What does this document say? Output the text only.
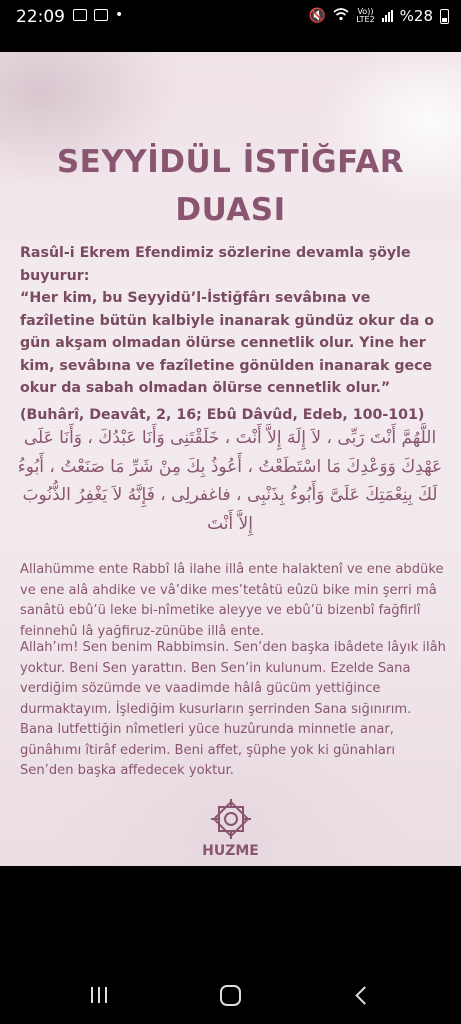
22:09	•	🔇	Vo))
LTE2 %28
SEYYİDÜL İSTİĞFAR
DUASI

Rasûl-i Ekrem Efendimiz sözlerine devamla şöyle buyurur:

“Her kim, bu Seyyidü’l-İstiğfârı sevâbına ve fazîletine bütün kalbiyle inanarak gündüz okur da o gün akşam olmadan ölürse cennetlik olur. Yine her kim, sevâbına ve fazîletine gönülden inanarak gece okur da sabah olmadan ölürse cennetlik olur.”

(Buhârî, Deavât, 2, 16; Ebû Dâvûd, Edeb, 100-101)

اللَّهُمَّ أَنْتَ رَبِّى ، لاَ إِلَهَ إِلاَّ أَنْتَ ، خَلَقْتَنِى وَأَنَا عَبْدُكَ ، وَأَنَا عَلَى عَهْدِكَ وَوَعْدِكَ مَا اسْتَطَعْتُ ، أَعُوذُ بِكَ مِنْ شَرِّ مَا صَنَعْتُ ، أَبُوءُ لَكَ بِنِعْمَتِكَ عَلَىَّ وَأَبُوءُ بِذَنْبِى ، فاغفرلِى ، فَإِنَّهُ لاَ يَغْفِرُ الذُّنُوبَ إِلاَّ أَنْتَ
Allahümme ente Rabbî lâ ilahe illâ ente halaktenî ve ene abdüke ve ene alâ ahdike ve vâ’dike mes’tetâtü eûzü bike min şerri mâ sanâtü ebû’ü leke bi-nîmetike aleyye ve ebû’ü bizenbî fağfirlî feinnehû lâ yağfiruz-zünübe illâ ente.
Allah’ım! Sen benim Rabbimsin. Sen’den başka ibâdete lâyık ilâh yoktur. Beni Sen yarattın. Ben Sen’in kulunum. Ezelde Sana verdiğim sözümde ve vaadimde hâlâ gücüm yettiğince durmaktayım. İşlediğim kusurların şerrinden Sana sığınırım. Bana lutfettiğin nîmetleri yüce huzûrunda minnetle anar, günâhımı îtirâf ederim. Beni affet, şüphe yok ki günahları Sen’den başka affedecek yoktur.
HUZME
